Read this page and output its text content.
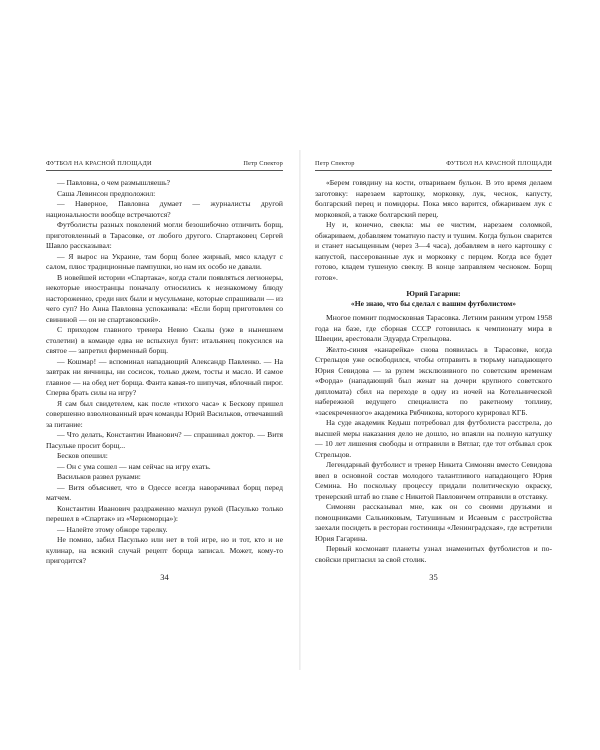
ФУТБОЛ НА КРАСНОЙ ПЛОЩАДИ	Петр Спектор

— Павловна, о чем размышляешь?

Саша Левинсон предположил:

— Наверное, Павловна думает — журналисты другой национальности вообще встречаются?

Футболисты разных поколений могли безошибочно отличить борщ, приготовленный в Тарасовке, от любого другого. Спартаковец Сергей Шавло рассказывал:

— Я вырос на Украине, там борщ более жирный, мясо кладут с салом, плюс традиционные пампушки, но нам их особо не давали.

В новейшей истории «Спартака», когда стали появляться легионеры, некоторые иностранцы поначалу относились к незнакомому блюду настороженно, среди них были и мусульмане, которые спрашивали — из чего суп? Но Анна Павловна успокаивала: «Если борщ приготовлен со свининой — он не спартаковский».

С приходом главного тренера Невио Скалы (уже в нынешнем столетии) в команде едва не вспыхнул бунт: итальянец покусился на святое — запретил фирменный борщ.

— Кошмар! — вспоминал нападающий Александр Павленко. — На завтрак ни яичницы, ни сосисок, только джем, тосты и масло. И самое главное — на обед нет борща. Фанта кавая-то шипучая, яблочный пирог. Сперва брать силы на игру?

Я сам был свидетелем, как после «тихого часа» к Бескову пришел совершенно взволнованный врач команды Юрий Васильков, отвечавший за питание:

— Что делать, Константин Иванович? — спрашивал доктор. — Витя Пасульке просит борщ...

Бесков опешил:

— Он с ума сошел — нам сейчас на игру ехать.

Васильков развел руками:

— Витя объясняет, что в Одессе всегда наворачивал борщ перед матчем.

Константин Иванович раздраженно махнул рукой (Пасулько только перешел в «Спартак» из «Черноморца»):

— Налейте этому обжоре тарелку.

Не помню, забил Пасулько или нет в той игре, но и тот, кто и не кулинар, на всякий случай рецепт борща записал. Может, кому-то пригодится?

34
Петр Спектор	ФУТБОЛ НА КРАСНОЙ ПЛОЩАДИ

«Берем говядину на кости, отвариваем бульон. В это время делаем заготовку: нарезаем картошку, морковку, лук, чеснок, капусту, болгарский перец и помидоры. Пока мясо варится, обжариваем лук с морковкой, а также болгарский перец.

Ну и, конечно, свекла: мы ее чистим, нарезаем соломкой, обжариваем, добавляем томатную пасту и тушим. Когда бульон сварится и станет насыщенным (через 3—4 часа), добавляем в него картошку с капустой, пассерованные лук и морковку с перцем. Когда все будет готово, кладем тушеную свеклу. В конце заправляем чесноком. Борщ готов».

Юрий Гагарин:
«Не знаю, что бы сделал с вашим футболистом»

Многое помнит подмосковная Тарасовка. Летним ранним утром 1958 года на базе, где сборная СССР готовилась к чемпионату мира в Швеции, арестовали Эдуарда Стрельцова.

Желто-синяя «канарейка» снова появилась в Тарасовке, когда Стрельцов уже освободился, чтобы отправить в тюрьму нападающего Юрия Севидова — за рулем эксклюзивного по советским временам «Форда» (нападающий был женат на дочери крупного советского дипломата) сбил на переходе в одну из ночей на Котельнической набережной ведущего специалиста по ракетному топливу, «засекреченного» академика Рябчикова, которого курировал КГБ.

На суде академик Кедыш потребовал для футболиста расстрела, до высшей меры наказания дело не дошло, но впаяли на полную катушку — 10 лет лишения свободы и отправили в Вятлаг, где тот отбывал срок Стрельцов.

Легендарный футболист и тренер Никита Симонян вместо Севидова ввел в основной состав молодого талантливого нападающего Юрия Семина. Но поскольку процессу придали политическую окраску, тренерский штаб во главе с Никитой Павловичем отправили в отставку.

Симонян рассказывал мне, как он со своими друзьями и помощниками Сальниковым, Татушиным и Исаевым с расстройства заехали посидеть в ресторан гостиницы «Ленинградская», где встретили Юрия Гагарина.

Первый космонавт планеты узнал знаменитых футболистов и по-свойски пригласил за свой столик.

35
